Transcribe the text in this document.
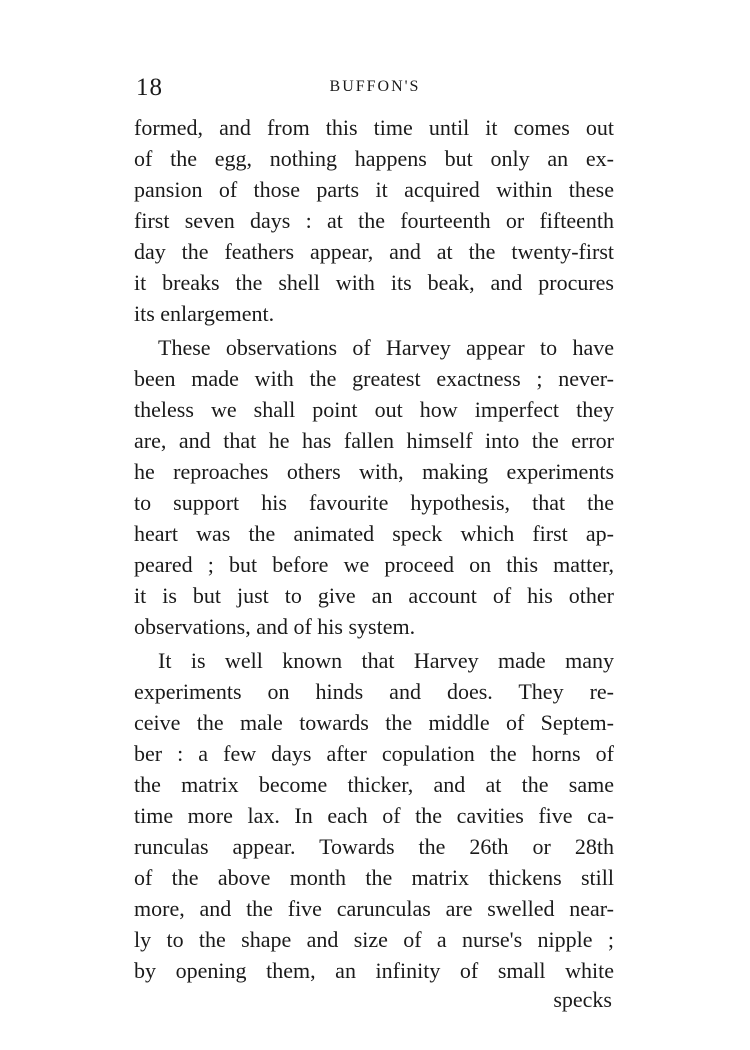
18	BUFFON'S
formed, and from this time until it comes out
of the egg, nothing happens but only an ex-
pansion of those parts it acquired within these
first seven days : at the fourteenth or fifteenth
day the feathers appear, and at the twenty-first
it breaks the shell with its beak, and procures
its enlargement.
These observations of Harvey appear to have
been made with the greatest exactness ; never-
theless we shall point out how imperfect they
are, and that he has fallen himself into the error
he reproaches others with, making experiments
to support his favourite hypothesis, that the
heart was the animated speck which first ap-
peared ; but before we proceed on this matter,
it is but just to give an account of his other
observations, and of his system.
It is well known that Harvey made many
experiments on hinds and does. They re-
ceive the male towards the middle of Septem-
ber : a few days after copulation the horns of
the matrix become thicker, and at the same
time more lax. In each of the cavities five ca-
runculas appear. Towards the 26th or 28th
of the above month the matrix thickens still
more, and the five carunculas are swelled near-
ly to the shape and size of a nurse's nipple ;
by opening them, an infinity of small white
specks
